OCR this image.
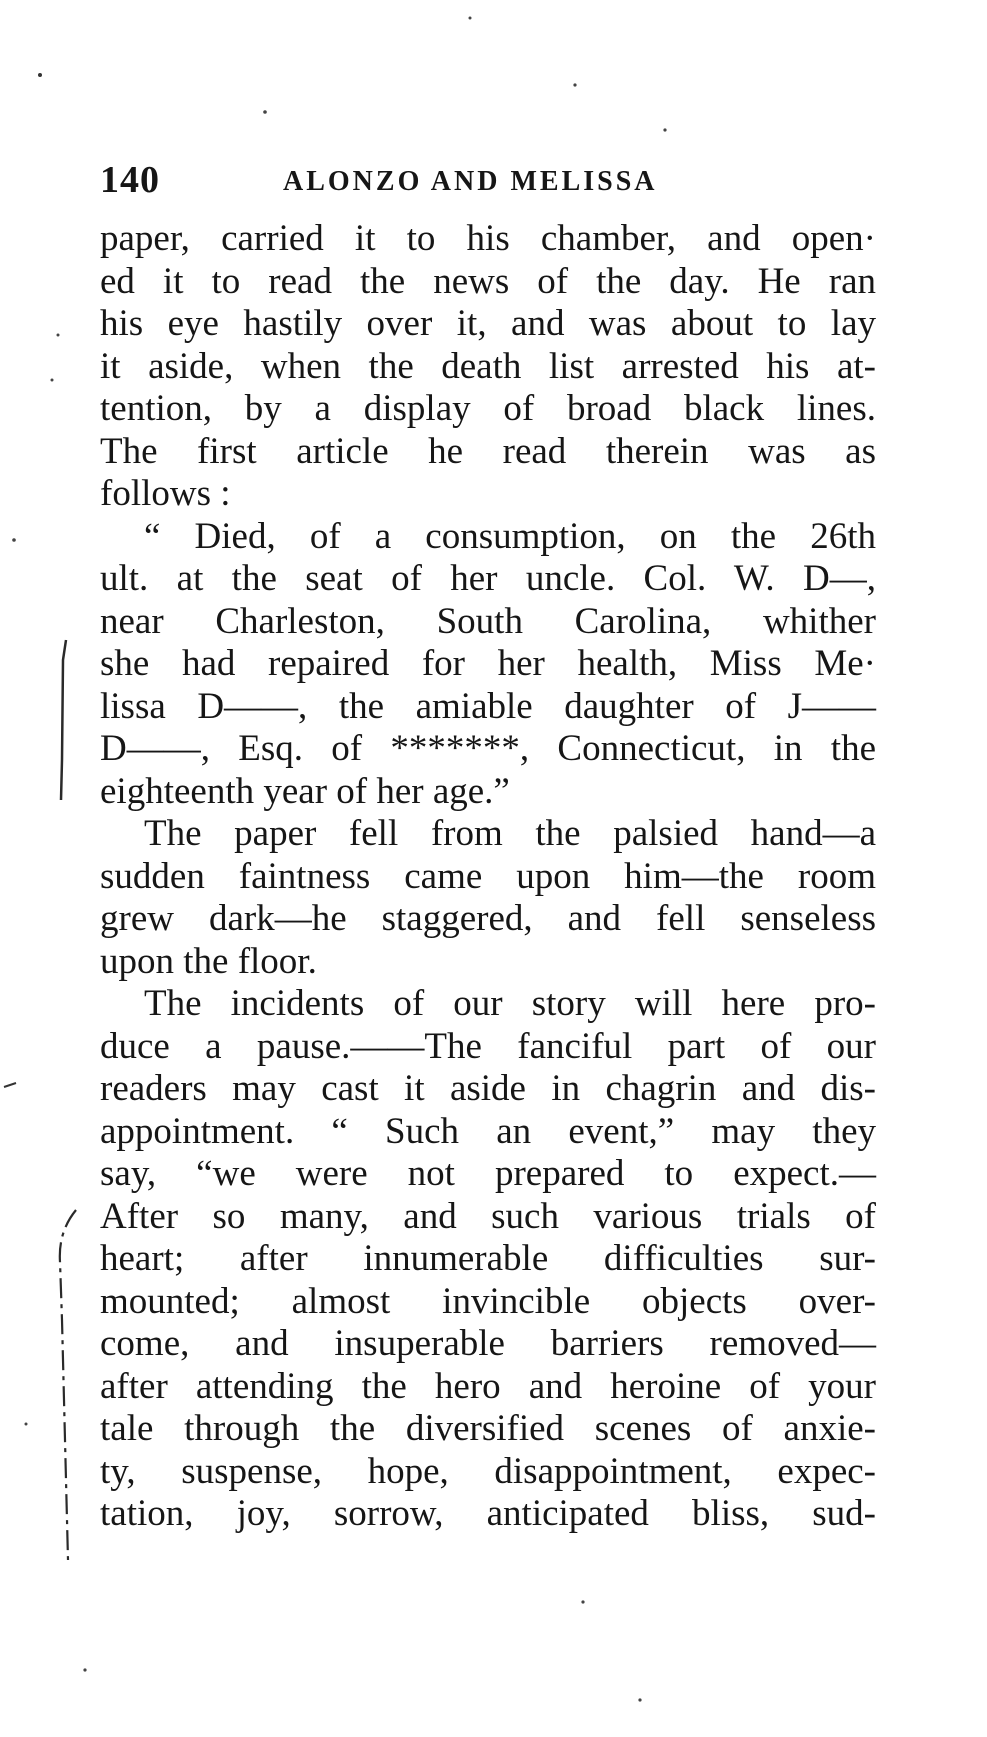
140	ALONZO AND MELISSA
paper, carried it to his chamber, and open·
ed it to read the news of the day. He ran
his eye hastily over it, and was about to lay
it aside, when the death list arrested his at-
tention, by a display of broad black lines.
The first article he read therein was as
follows :
“ Died, of a consumption, on the 26th
ult. at the seat of her uncle. Col. W. D—,
near Charleston, South Carolina, whither
she had repaired for her health, Miss Me·
lissa D——, the amiable daughter of J——
D——, Esq. of *******, Connecticut, in the
eighteenth year of her age.”
The paper fell from the palsied hand—a
sudden faintness came upon him—the room
grew dark—he staggered, and fell senseless
upon the floor.
The incidents of our story will here pro-
duce a pause.——The fanciful part of our
readers may cast it aside in chagrin and dis-
appointment. “ Such an event,” may they
say, “we were not prepared to expect.—
After so many, and such various trials of
heart; after innumerable difficulties sur-
mounted; almost invincible objects over-
come, and insuperable barriers removed—
after attending the hero and heroine of your
tale through the diversified scenes of anxie-
ty, suspense, hope, disappointment, expec-
tation, joy, sorrow, anticipated bliss, sud-
